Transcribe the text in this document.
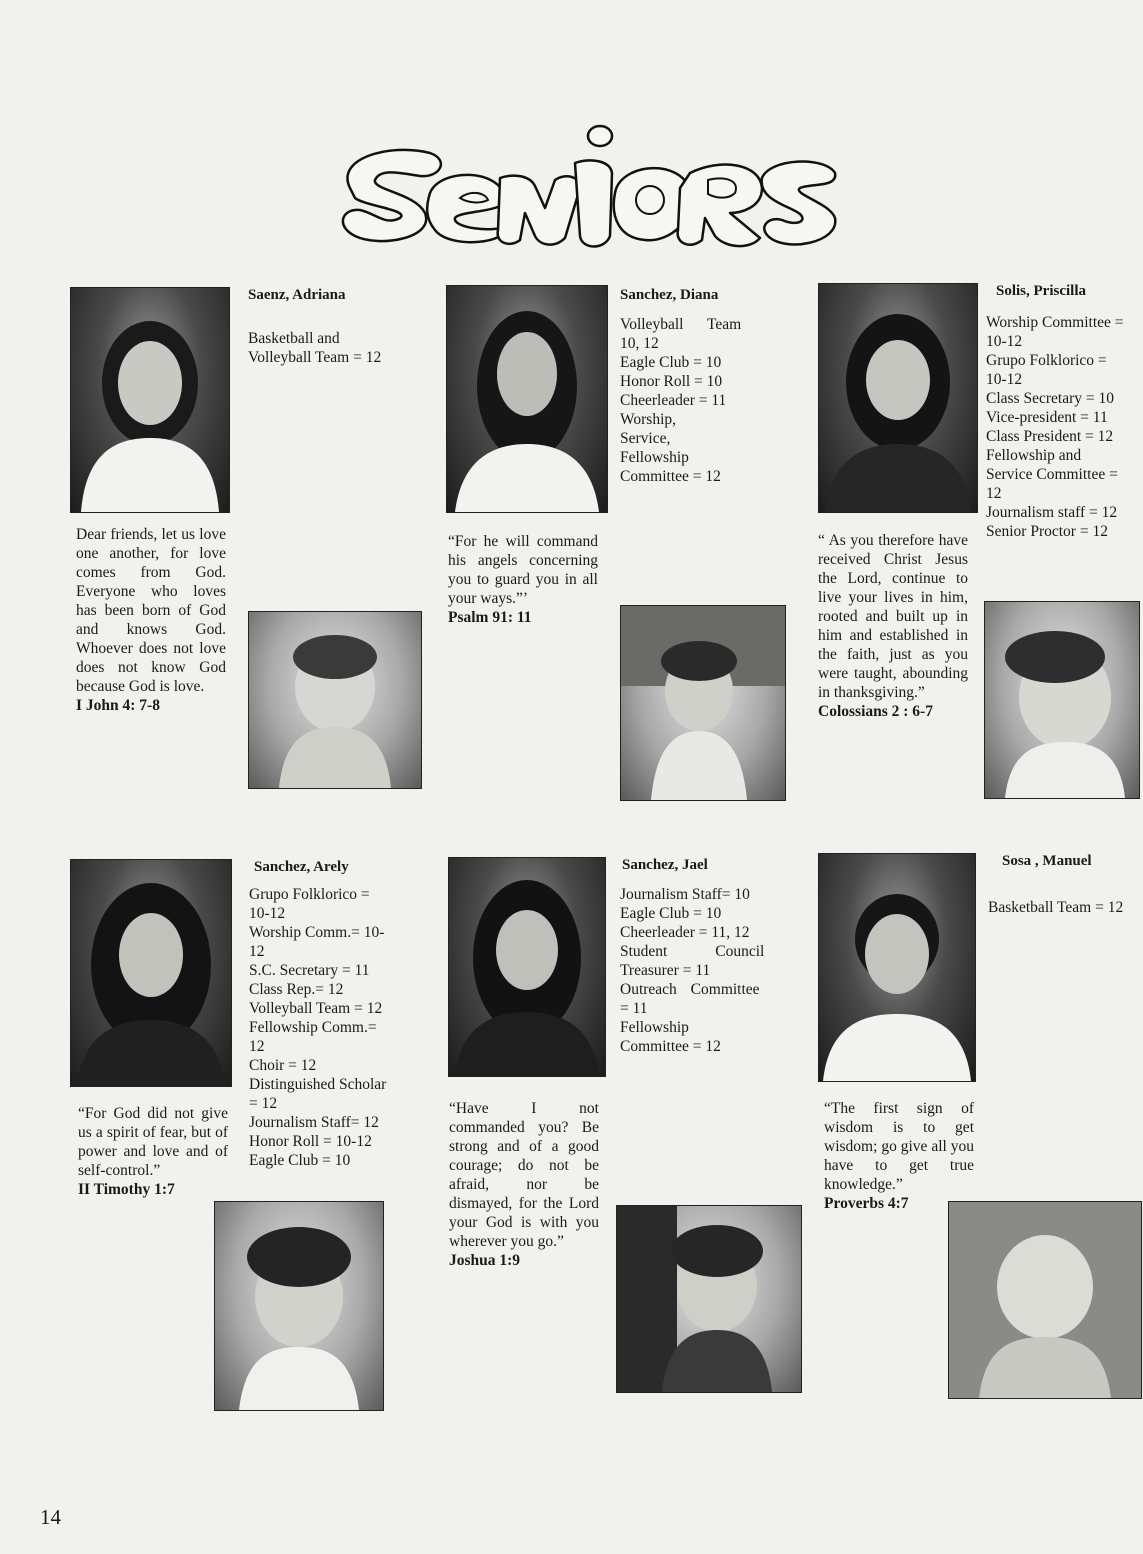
Saenz, Adriana
Basketball and
Volleyball Team = 12
Dear friends, let us love one another, for love comes from God. Everyone who loves has been born of God and knows God. Whoever does not love does not know God because God is love.
I John 4: 7-8
Sanchez, Diana
Volleyball Team
10, 12
Eagle Club = 10
Honor Roll = 10
Cheerleader = 11
Worship,
Service,
Fellowship
Committee = 12
“For he will command his angels concerning you to guard you in all your ways.”’
Psalm 91: 11
Solis, Priscilla
Worship Committee =
10-12
Grupo Folklorico =
10-12
Class Secretary = 10
Vice-president = 11
Class President = 12
Fellowship and
Service Committee =
12
Journalism staff = 12
Senior Proctor = 12
“ As you therefore have received Christ Jesus the Lord, continue to live your lives in him, rooted and built up in him and established in the faith, just as you were taught, abounding in thanksgiving.”
Colossians 2 : 6-7
Sanchez, Arely
Grupo Folklorico =
10-12
Worship Comm.= 10-
12
S.C. Secretary = 11
Class Rep.= 12
Volleyball Team = 12
Fellowship Comm.=
12
Choir = 12
Distinguished Scholar
= 12
Journalism Staff= 12
Honor Roll = 10-12
Eagle Club = 10
“For God did not give us a spirit of fear, but of power and love and of self-control.”
II Timothy 1:7
Sanchez, Jael
Journalism Staff= 10
Eagle Club = 10
Cheerleader = 11, 12
Student Council
Treasurer = 11
Outreach Committee
= 11
Fellowship
Committee = 12
“Have I not commanded you? Be strong and of a good courage; do not be afraid, nor be dismayed, for the Lord your God is with you wherever you go.”
Joshua 1:9
Sosa , Manuel
Basketball Team = 12
“The first sign of wisdom is to get wisdom; go give all you have to get true knowledge.”
Proverbs 4:7
14
